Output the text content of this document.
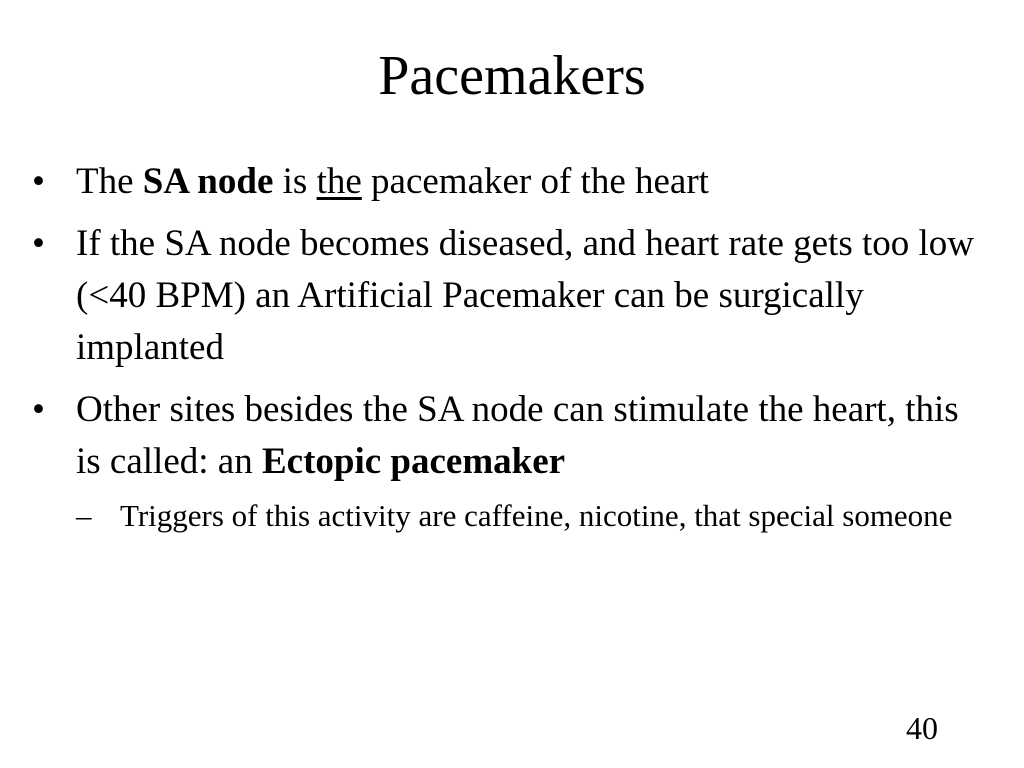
Pacemakers
• The SA node is the pacemaker of the heart
• If the SA node becomes diseased, and heart rate gets too low (<40 BPM) an Artificial Pacemaker can be surgically implanted
• Other sites besides the SA node can stimulate the heart, this is called: an Ectopic pacemaker
– Triggers of this activity are caffeine, nicotine, that special someone
40
